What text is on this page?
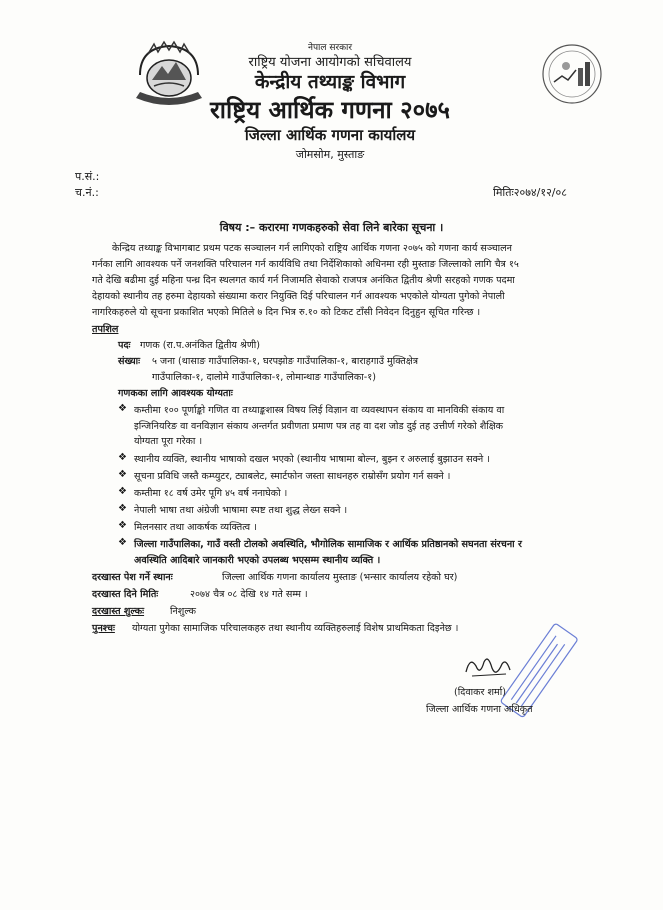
नेपाल सरकार
राष्ट्रिय योजना आयोगको सचिवालय
केन्द्रीय तथ्याङ्क विभाग
राष्ट्रिय आर्थिक गणना २०७५
जिल्ला आर्थिक गणना कार्यालय
जोमसोम, मुस्ताङ
प.सं.:
च.नं.:	मितिः२०७४/१२/०८
विषय :– करारमा गणकहरुको सेवा लिने बारेका सूचना ।
केन्द्रिय तथ्याङ्क विभागबाट प्रथम पटक सञ्चालन गर्न लागिएको राष्ट्रिय आर्थिक गणना २०७५ को गणना कार्य सञ्चालन
गर्नका लागि आवश्यक पर्ने जनशक्ति परिचालन गर्न कार्यविधि तथा निर्देशिकाको अधिनमा रही मुस्ताङ जिल्लाको लागि चैत्र १५
गते देखि बढीमा दुई महिना पन्ध्र दिन स्थलगत कार्य गर्न निजामति सेवाको राजपत्र अनंकित द्वितीय श्रेणी सरहको गणक पदमा
देहायको स्थानीय तह हरुमा देहायको संख्यामा करार नियुक्ति दिई परिचालन गर्न आवश्यक भएकोले योग्यता पुगेको नेपाली
नागरिकहरुले यो सूचना प्रकाशित भएको मितिले ७ दिन भित्र रु.१० को टिकट टाँसी निवेदन दिनुहुन सूचित गरिन्छ ।
तपशिल
पदः गणक (रा.प.अनंकित द्वितीय श्रेणी)
संख्याः ५ जना (थासाङ गाउँपालिका-१, घरपझोङ गाउँपालिका-१, बाराहगाउँ मुक्तिक्षेत्र
गाउँपालिका-१, दालोमे गाउँपालिका-१, लोमान्थाङ गाउँपालिका-१)
गणकका लागि आवश्यक योग्यताः
❖ कम्तीमा १०० पूर्णाङ्को गणित वा तथ्याङ्कशास्त्र विषय लिई विज्ञान वा व्यवस्थापन संकाय वा मानविकी संकाय वा
इन्जिनियरिङ वा वनविज्ञान संकाय अन्तर्गत प्रवीणता प्रमाण पत्र तह वा दश जोड दुई तह उत्तीर्ण गरेको शैक्षिक
योग्यता पूरा गरेका ।
❖ स्थानीय व्यक्ति, स्थानीय भाषाको दखल भएको (स्थानीय भाषामा बोल्न, बुझ्न र अरुलाई बुझाउन सक्ने ।
❖ सूचना प्रविधि जस्तै कम्प्युटर, ट्याबलेट, स्मार्टफोन जस्ता साधनहरु राम्रोसँग प्रयोग गर्न सक्ने ।
❖ कम्तीमा १८ वर्ष उमेर पूगि ४५ वर्ष ननाघेको ।
❖ नेपाली भाषा तथा अंग्रेजी भाषामा स्पष्ट तथा शुद्ध लेख्न सक्ने ।
❖ मिलनसार तथा आकर्षक व्यक्तित्व ।
❖ जिल्ला गाउँपालिका, गाउँ वस्ती टोलको अवस्थिति, भौगोलिक सामाजिक र आर्थिक प्रतिष्ठानको सघनता संरचना र
अवस्थिति आदिबारे जानकारी भएको उपलब्ध भएसम्म स्थानीय व्यक्ति ।
दरखास्त पेश गर्ने स्थानः	जिल्ला आर्थिक गणना कार्यालय मुस्ताङ (भन्सार कार्यालय रहेको घर)
दरखास्त दिने मितिः	२०७४ चैत्र ०८ देखि १४ गते सम्म ।
दरखास्त शुल्कः	निशुल्क
पुनश्चः योग्यता पुगेका सामाजिक परिचालकहरु तथा स्थानीय व्यक्तिहरुलाई विशेष प्राथमिकता दिइनेछ ।
(दिवाकर शर्मा)
जिल्ला आर्थिक गणना अधिकृत
